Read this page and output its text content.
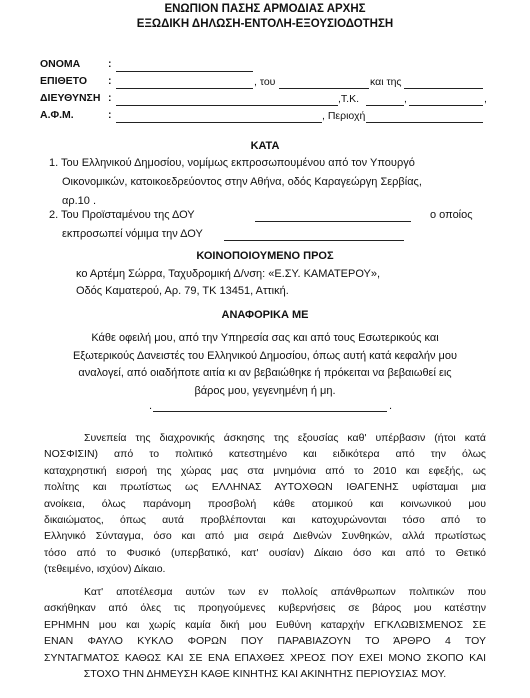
ΕΝΩΠΙΟΝ ΠΑΣΗΣ ΑΡΜΟΔΙΑΣ ΑΡΧΗΣ
ΕΞΩΔΙΚΗ ΔΗΛΩΣΗ-ΕΝΤΟΛΗ-ΕΞΟΥΣΙΟΔΟΤΗΣΗ
ΟΝΟΜΑ	:
ΕΠΙΘΕΤΟ :	, του	και της
ΔΙΕΥΘΥΝΣΗ :	,Τ.Κ.	,	,
Α.Φ.Μ.	:	, Περιοχή
ΚΑΤΑ
1. Του Ελληνικού Δημοσίου, νομίμως εκπροσωπουμένου από τον Υπουργό
Οικονομικών, κατοικοεδρεύοντος στην Αθήνα, οδός Καραγεώργη Σερβίας,
αρ.10 .
2. Του Προϊσταμένου της ΔΟΥ	ο οποίος
εκπροσωπεί νόμιμα την ΔΟΥ
ΚΟΙΝΟΠΟΙΟΥΜΕΝΟ ΠΡΟΣ
κο Αρτέμη Σώρρα, Ταχυδρομική Δ/νση: «Ε.ΣΥ. ΚΑΜΑΤΕΡΟΥ»,
Οδός Καματερού, Αρ. 79, ΤΚ 13451, Αττική.
ΑΝΑΦΟΡΙΚΑ ΜΕ
Κάθε οφειλή μου, από την Υπηρεσία σας και από τους Εσωτερικούς και
Εξωτερικούς Δανειστές του Ελληνικού Δημοσίου, όπως αυτή κατά κεφαλήν μου
αναλογεί, από οιαδήποτε αιτία κι αν βεβαιώθηκε ή πρόκειται να βεβαιωθεί εις
βάρος μου, γεγενημένη ή μη.
.	.
Συνεπεία της διαχρονικής άσκησης της εξουσίας καθ' υπέρβασιν (ήτοι κατά
ΝΟΣΦΙΣΙΝ) από το πολιτικό κατεστημένο και ειδικότερα από την όλως
καταχρηστική εισροή της χώρας μας στα μνημόνια από το 2010 και εφεξής, ως
πολίτης και πρωτίστως ως ΕΛΛΗΝΑΣ ΑΥΤΟΧΘΩΝ ΙΘΑΓΕΝΗΣ υφίσταμαι μια
ανοίκεια, όλως παράνομη προσβολή κάθε ατομικού και κοινωνικού μου
δικαιώματος, όπως αυτά προβλέπονται και κατοχυρώνονται τόσο από το
Ελληνικό Σύνταγμα, όσο και από μια σειρά Διεθνών Συνθηκών, αλλά πρωτίστως
τόσο από το Φυσικό (υπερβατικό, κατ' ουσίαν) Δίκαιο όσο και από το Θετικό
(τεθειμένο, ισχύον) Δίκαιο.
Κατ' αποτέλεσμα αυτών των εν πολλοίς απάνθρωπων πολιτικών που
ασκήθηκαν από όλες τις προηγούμενες κυβερνήσεις σε βάρος μου κατέστην
ΕΡΗΜΗΝ μου και χωρίς καμία δική μου Ευθύνη καταρχήν ΕΓΚΛΩΒΙΣΜΕΝΟΣ ΣΕ
ΕΝΑΝ ΦΑΥΛΟ ΚΥΚΛΟ ΦΟΡΩΝ ΠΟΥ ΠΑΡΑΒΙΑΖΟΥΝ ΤΟ ΆΡΘΡΟ 4 ΤΟΥ
ΣΥΝΤΑΓΜΑΤΟΣ ΚΑΘΩΣ ΚΑΙ ΣΕ ΕΝΑ ΕΠΑΧΘΕΣ ΧΡΕΟΣ ΠΟΥ ΕΧΕΙ ΜΟΝΟ ΣΚΟΠΟ ΚΑΙ
ΣΤΟΧΟ ΤΗΝ ΔΗΜΕΥΣΗ ΚΑΘΕ ΚΙΝΗΤΗΣ ΚΑΙ ΑΚΙΝΗΤΗΣ ΠΕΡΙΟΥΣΙΑΣ ΜΟΥ.
